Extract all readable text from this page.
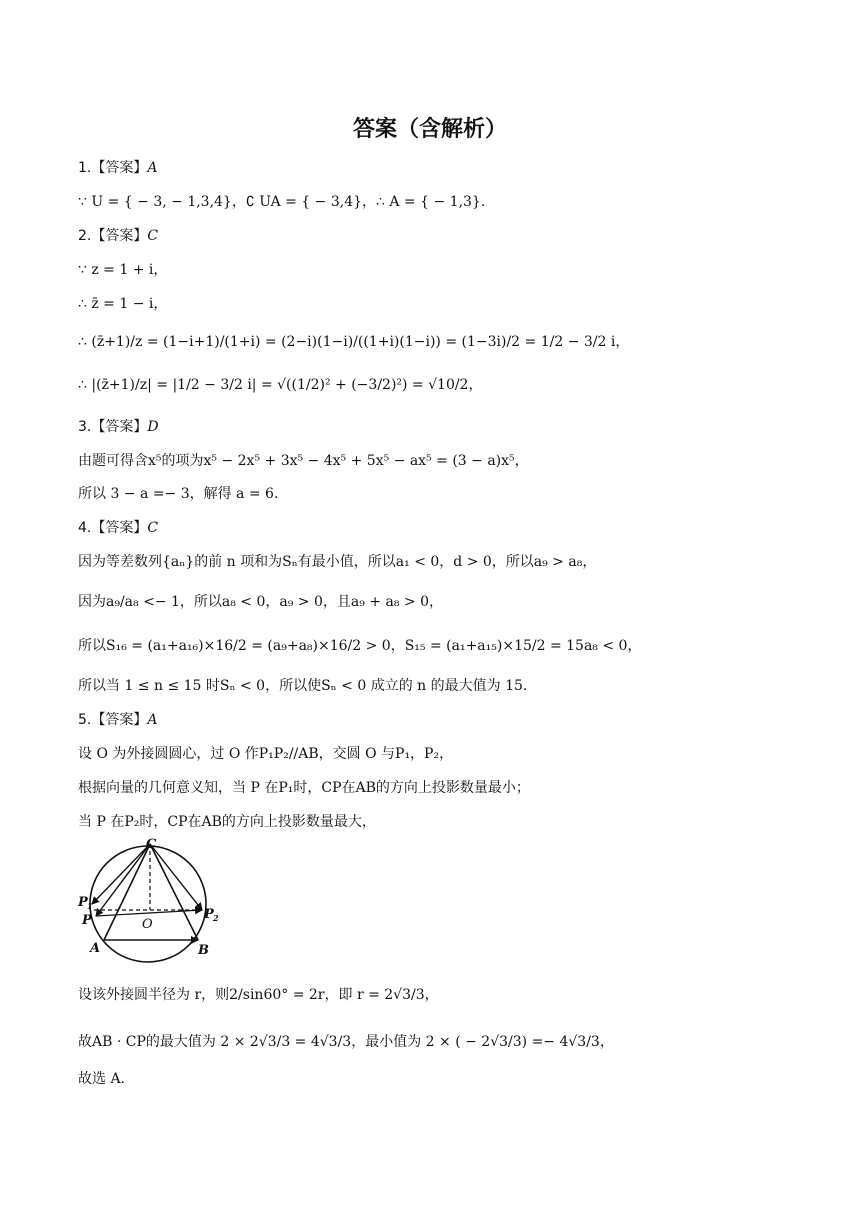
答案（含解析）
1.【答案】A
∵ U = { − 3, − 1,3,4}，∁ UA = { − 3,4}，∴ A = { − 1,3}.
2.【答案】C
∵ z = 1 + i，
∴ z̄ = 1 − i，
∴ (z̄+1)/z = (1−i+1)/(1+i) = (2−i)(1−i)/((1+i)(1−i)) = (1−3i)/2 = 1/2 − 3/2 i，
∴ |(z̄+1)/z| = |1/2 − 3/2 i| = √((1/2)² + (−3/2)²) = √10/2，
3.【答案】D
由题可得含x⁵的项为x⁵ − 2x⁵ + 3x⁵ − 4x⁵ + 5x⁵ − ax⁵ = (3 − a)x⁵，
所以 3 − a =− 3，解得 a = 6.
4.【答案】C
因为等差数列{aₙ}的前 n 项和为Sₙ有最小值，所以a₁ < 0，d > 0，所以a₉ > a₈，
因为a₉/a₈ <− 1，所以a₈ < 0，a₉ > 0，且a₉ + a₈ > 0，
所以S₁₆ = (a₁+a₁₆)×16/2 = (a₉+a₈)×16/2 > 0，S₁₅ = (a₁+a₁₅)×15/2 = 15a₈ < 0，
所以当 1 ≤ n ≤ 15 时Sₙ < 0，所以使Sₙ < 0 成立的 n 的最大值为 15.
5.【答案】A
设 O 为外接圆圆心，过 O 作P₁P₂//AB，交圆 O 与P₁，P₂，
根据向量的几何意义知，当 P 在P₁时，CP在AB的方向上投影数量最小；
当 P 在P₂时，CP在AB的方向上投影数量最大，
C
P 1
P	O
P 2
A	B
设该外接圆半径为 r，则2/sin60° = 2r，即 r = 2√3/3，
故AB · CP的最大值为 2 × 2√3/3 = 4√3/3，最小值为 2 × ( − 2√3/3) =− 4√3/3，
故选 A.
